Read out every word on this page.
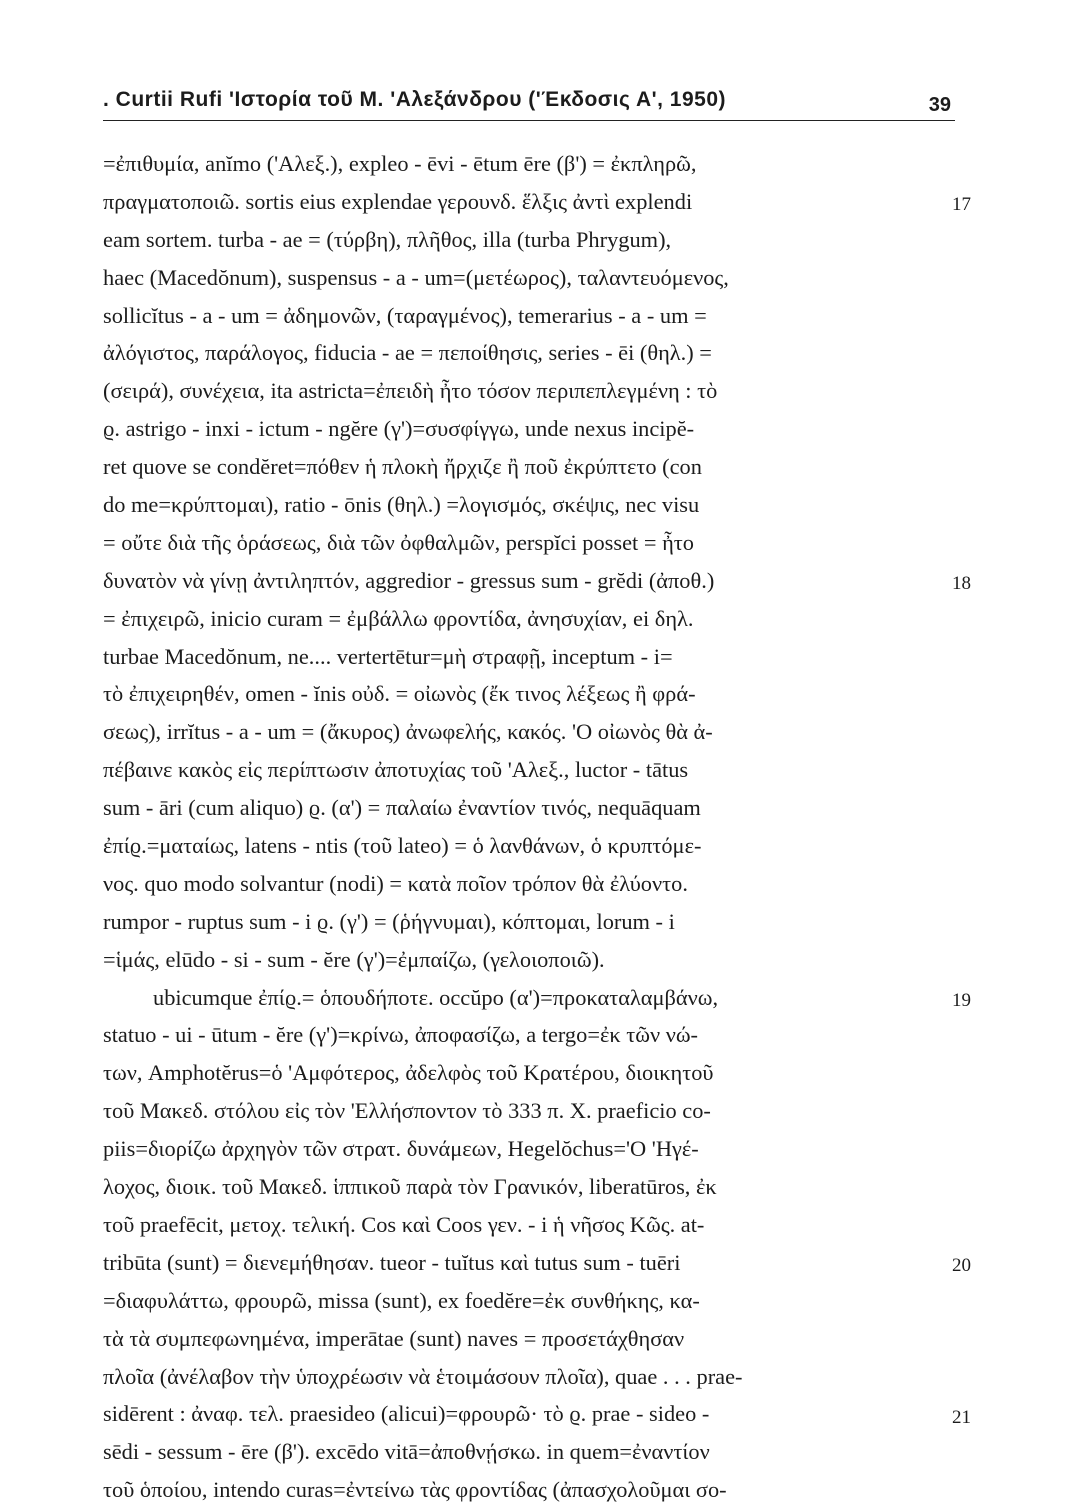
. Curtii Rufi 'Ιστορία τοῦ Μ. 'Αλεξάνδρου ('Έκδοσις Α', 1950)	39
=ἐπιθυμία, anĭmo ('Αλεξ.), expleo - ēvi - ētum ēre (β') = ἐκπληρῶ,
πραγματοποιῶ. sortis eius explendae γερουνδ. ἕλξις ἀντὶ explendi
eam sortem. turba - ae = (τύρβη), πλῆθος, illa (turba Phrygum),
haec (Macedŏnum), suspensus - a - um=(μετέωρος), ταλαντευόμενος,
sollicĭtus - a - um = ἀδημονῶν, (ταραγμένος), temerarius - a - um =
ἀλόγιστος, παράλογος, fiducia - ae = πεποίθησις, series - ēi (θηλ.) =
(σειρά), συνέχεια, ita astricta=ἐπειδὴ ἦτο τόσον περιπεπλεγμένη : τὸ
ϱ. astrigo - inxi - ictum - ngĕre (γ')=συσφίγγω, unde nexus incipĕ-
ret quove se condĕret=πόθεν ἡ πλοκὴ ἤρχιζε ἢ ποῦ ἐκρύπτετο (con
do me=κρύπτομαι), ratio - ōnis (θηλ.) =λογισμός, σκέψις, nec visu
= οὔτε διὰ τῆς ὁράσεως, διὰ τῶν ὀφθαλμῶν, perspĭci posset = ἦτο
δυνατὸν νὰ γίνῃ ἀντιληπτόν, aggredior - gressus sum - grĕdi (ἀποθ.)
= ἐπιχειρῶ, inicio curam = ἐμβάλλω φροντίδα, ἀνησυχίαν, ei δηλ.
turbae Macedŏnum, ne.... vertertētur=μὴ στραφῇ, inceptum - i=
τὸ ἐπιχειρηθέν, omen - ĭnis οὐδ. = οἰωνὸς (ἔκ τινος λέξεως ἢ φρά-
σεως), irrĭtus - a - um = (ἄκυρος) ἀνωφελής, κακός. 'Ο οἰωνὸς θὰ ἀ-
πέβαινε κακὸς εἰς περίπτωσιν ἀποτυχίας τοῦ 'Αλεξ., luctor - tātus
sum - āri (cum aliquo) ϱ. (α') = παλαίω ἐναντίον τινός, nequāquam
ἐπίϱ.=ματαίως, latens - ntis (τοῦ lateo) = ὁ λανθάνων, ὁ κρυπτόμε-
νος. quo modo solvantur (nodi) = κατὰ ποῖον τρόπον θὰ ἐλύοντο.
rumpor - ruptus sum - i ϱ. (γ') = (ῥήγνυμαι), κόπτομαι, lorum - i
=ἱμάς, elūdo - si - sum - ĕre (γ')=ἐμπαίζω, (γελοιοποιῶ).
ubicumque ἐπίϱ.= ὁπουδήποτε. occŭpo (α')=προκαταλαμβάνω,
statuo - ui - ūtum - ĕre (γ')=κρίνω, ἀποφασίζω, a tergo=ἐκ τῶν νώ-
των, Amphotĕrus=ὁ 'Αμφότερος, ἀδελφὸς τοῦ Κρατέρου, διοικητοῦ
τοῦ Μακεδ. στόλου εἰς τὸν 'Ελλήσποντον τὸ 333 π. Χ. praeficio co-
piis=διορίζω ἀρχηγὸν τῶν στρατ. δυνάμεων, Hegelŏchus='Ο 'Ηγέ-
λοχος, διοικ. τοῦ Μακεδ. ἱππικοῦ παρὰ τὸν Γρανικόν, liberatūros, ἐκ
τοῦ praefēcit, μετοχ. τελική. Cos καὶ Coos γεν. - i ἡ νῆσος Κῶς. at-
tribūta (sunt) = διενεμήθησαν. tueor - tuĭtus καὶ tutus sum - tuēri
=διαφυλάττω, φρουρῶ, missa (sunt), ex foedĕre=ἐκ συνθήκης, κα-
τὰ τὰ συμπεφωνημένα, imperātae (sunt) naves = προσετάχθησαν
πλοῖα (ἀνέλαβον τὴν ὑποχρέωσιν νὰ ἑτοιμάσουν πλοῖα), quae . . . prae-
sidērent : ἀναφ. τελ. praesideo (alicui)=φρουρῶ· τὸ ϱ. prae - sideo -
sēdi - sessum - ēre (β'). excēdo vitā=ἀποθνῄσκω. in quem=ἐναντίον
τοῦ ὁποίου, intendo curas=ἐντείνω τὰς φροντίδας (ἀπασχολοῦμαι σο-
17
18
19
20
21
